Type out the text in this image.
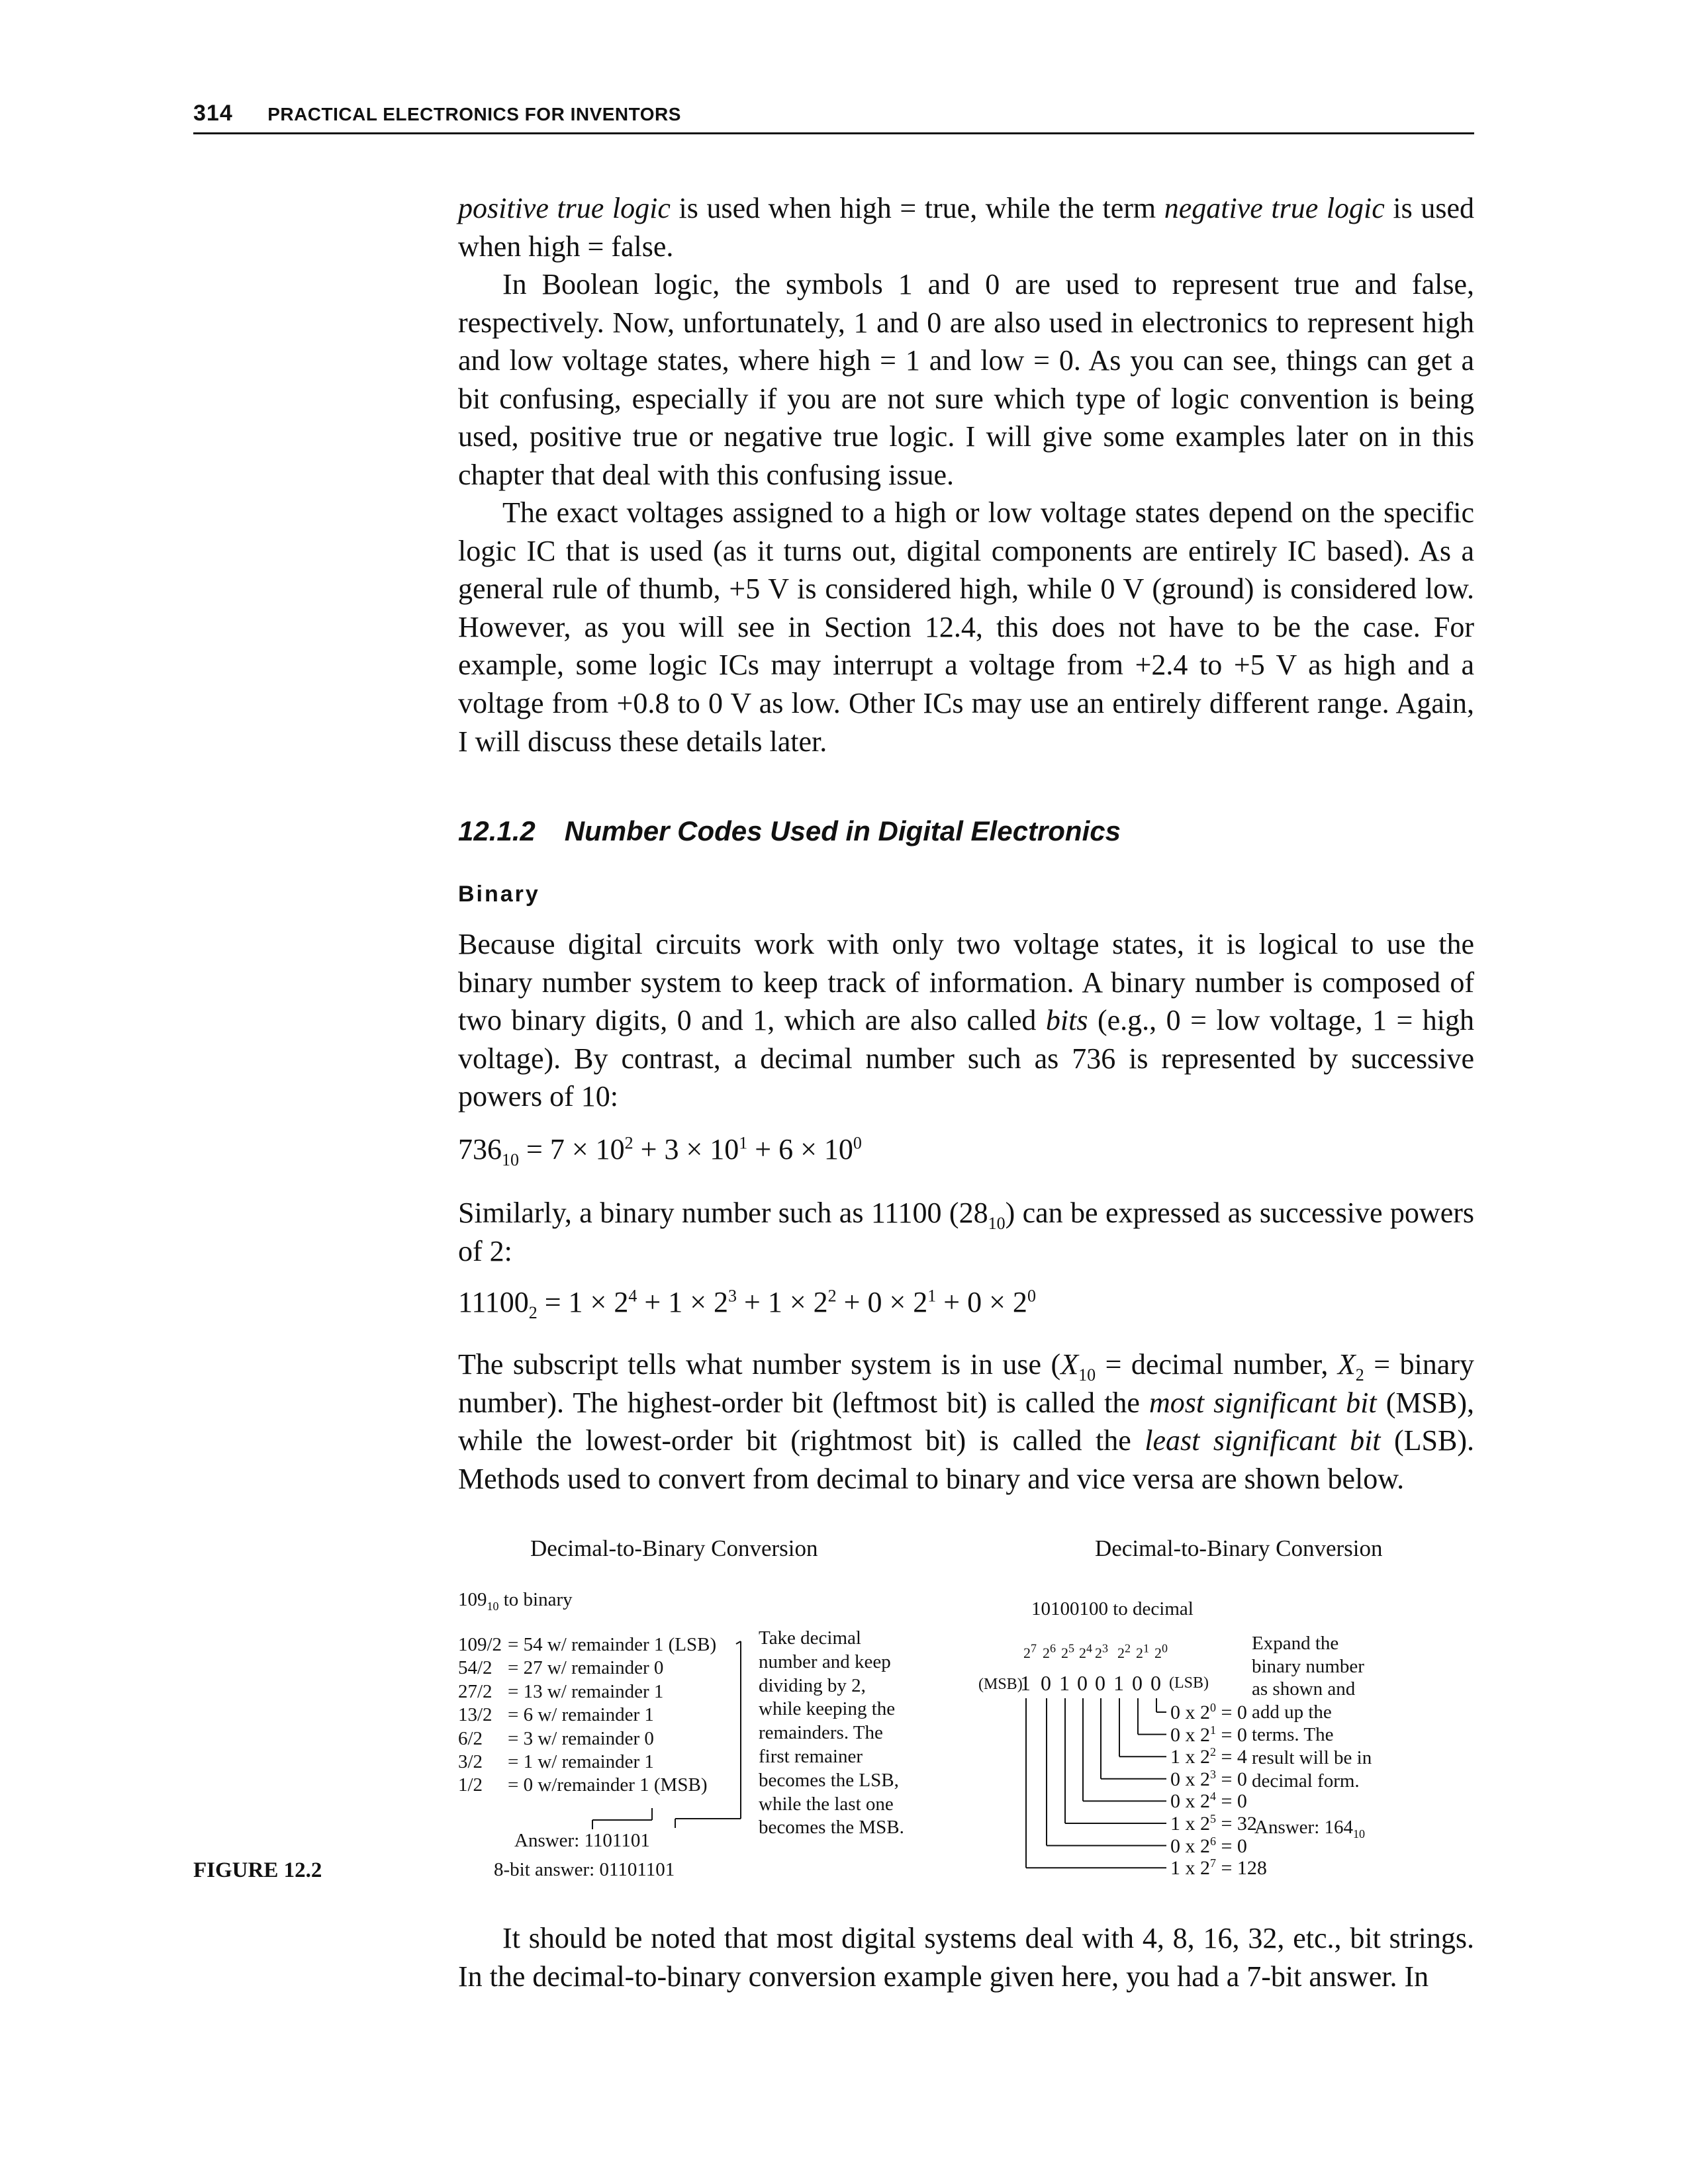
314 PRACTICAL ELECTRONICS FOR INVENTORS
positive true logic is used when high = true, while the term negative true logic is used when high = false.
In Boolean logic, the symbols 1 and 0 are used to represent true and false, respectively. Now, unfortunately, 1 and 0 are also used in electronics to represent high and low voltage states, where high = 1 and low = 0. As you can see, things can get a bit confusing, especially if you are not sure which type of logic convention is being used, positive true or negative true logic. I will give some examples later on in this chapter that deal with this confusing issue.
The exact voltages assigned to a high or low voltage states depend on the specific logic IC that is used (as it turns out, digital components are entirely IC based). As a general rule of thumb, +5 V is considered high, while 0 V (ground) is considered low. However, as you will see in Section 12.4, this does not have to be the case. For example, some logic ICs may interrupt a voltage from +2.4 to +5 V as high and a voltage from +0.8 to 0 V as low. Other ICs may use an entirely different range. Again, I will discuss these details later.
12.1.2 Number Codes Used in Digital Electronics
Binary
Because digital circuits work with only two voltage states, it is logical to use the binary number system to keep track of information. A binary number is composed of two binary digits, 0 and 1, which are also called bits (e.g., 0 = low voltage, 1 = high voltage). By contrast, a decimal number such as 736 is represented by successive powers of 10:
$736_{10} = 7 \times 10^2 + 3 \times 10^1 + 6 \times 10^0$
Similarly, a binary number such as 11100 $(28_{10})$ can be expressed as successive powers of 2:
$11100_2 = 1 \times 2^4 + 1 \times 2^3 + 1 \times 2^2 + 0 \times 2^1 + 0 \times 2^0$
The subscript tells what number system is in use ($X_{10}$ = decimal number, $X_2$ = binary number). The highest-order bit (leftmost bit) is called the most significant bit (MSB), while the lowest-order bit (rightmost bit) is called the least significant bit (LSB). Methods used to convert from decimal to binary and vice versa are shown below.
FIGURE 12.2
Decimal-to-Binary Conversion
$109_{10}$ to binary
109/2 = 54 w/ remainder 1 (LSB)
54/2 = 27 w/ remainder 0
27/2 = 13 w/ remainder 1
13/2 = 6 w/ remainder 1
6/2 = 3 w/ remainder 0
3/2 = 1 w/ remainder 1
1/2 = 0 w/remainder 1 (MSB)
Take decimal
number and keep
dividing by 2,
while keeping the
remainders. The
first remainer
becomes the LSB,
while the last one
becomes the MSB.
Answer: 1101101
8-bit answer: 01101101
Decimal-to-Binary Conversion
10100100 to decimal
(MSB)	(LSB)
$2^7$
1
$2^6$
0
$2^5$
1
$2^4$
0
$2^3$
0
$2^2$
1
$2^1$
0
$2^0$
0
0 x $2^0 = 0$
0 x $2^1 = 0$
1 x $2^2 = 4$
0 x $2^3 = 0$
0 x $2^4 = 0$
1 x $2^5 = 32$
0 x $2^6 = 0$
1 x $2^7 = 128$
Expand the
binary number
as shown and
add up the
terms. The
result will be in
decimal form.
Answer: $164_{10}$
It should be noted that most digital systems deal with 4, 8, 16, 32, etc., bit strings. In the decimal-to-binary conversion example given here, you had a 7-bit answer. In
